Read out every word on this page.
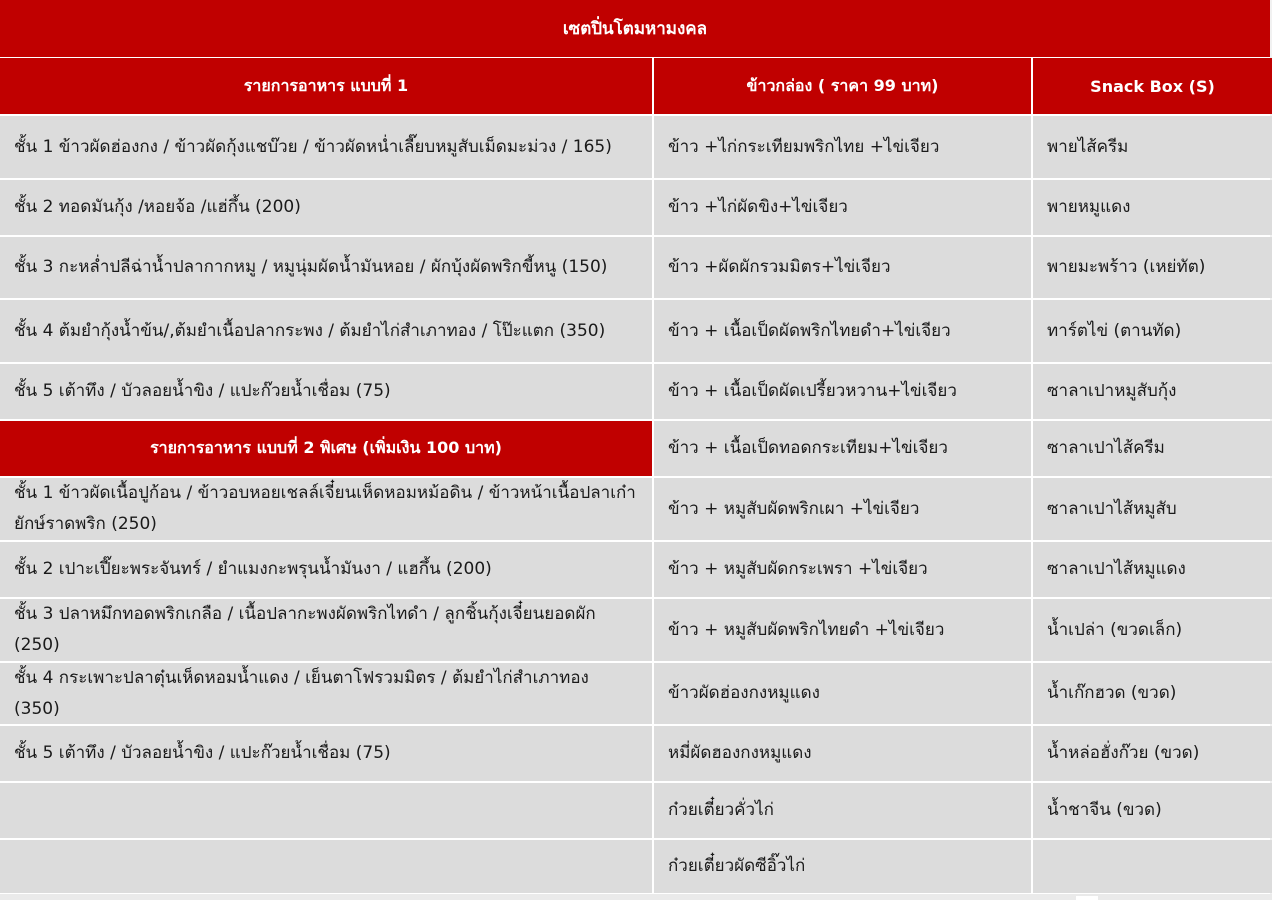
เซตปิ่นโตมหามงคล
รายการอาหาร แบบที่ 1	ข้าวกล่อง ( ราคา 99 บาท)	Snack Box (S)
ชั้น 1 ข้าวผัดฮ่องกง / ข้าวผัดกุ้งแชบ๊วย / ข้าวผัดหน่ำเลี๊ยบหมูสับเม็ดมะม่วง / 165)
ชั้น 2 ทอดมันกุ้ง /หอยจ้อ /แฮ่กึ้น (200)
ชั้น 3 กะหล่ำปลีฉ่าน้ำปลากากหมู / หมูนุ่มผัดน้ำมันหอย / ผักบุ้งผัดพริกขี้หนู (150)
ชั้น 4 ต้มยำกุ้งน้ำข้น/,ต้มยำเนื้อปลากระพง / ต้มยำไก่สำเภาทอง / โป๊ะแตก (350)
ชั้น 5 เต้าทึง / บัวลอยน้ำขิง / แปะก๊วยน้ำเชื่อม (75)
รายการอาหาร แบบที่ 2 พิเศษ (เพิ่มเงิน 100 บาท)
ชั้น 1 ข้าวผัดเนื้อปูก้อน / ข้าวอบหอยเชลล์เจี๋ยนเห็ดหอมหม้อดิน / ข้าวหน้าเนื้อปลาเก๋ายักษ์ราดพริก (250)
ชั้น 2 เปาะเปี๊ยะพระจันทร์ / ยำแมงกะพรุนน้ำมันงา / แฮกึ้น (200)
ชั้น 3 ปลาหมึกทอดพริกเกลือ / เนื้อปลากะพงผัดพริกไทดำ / ลูกชิ้นกุ้งเจี๋ยนยอดผัก (250)
ชั้น 4 กระเพาะปลาตุ๋นเห็ดหอมน้ำแดง / เย็นตาโฟรวมมิตร / ต้มยำไก่สำเภาทอง (350)
ชั้น 5 เต้าทึง / บัวลอยน้ำขิง / แปะก๊วยน้ำเชื่อม (75)
ข้าว +ไก่กระเทียมพริกไทย +ไข่เจียว
ข้าว +ไก่ผัดขิง+ไข่เจียว
ข้าว +ผัดผักรวมมิตร+ไข่เจียว
ข้าว + เนื้อเป็ดผัดพริกไทยดำ+ไข่เจียว
ข้าว + เนื้อเป็ดผัดเปรี้ยวหวาน+ไข่เจียว
ข้าว + เนื้อเป็ดทอดกระเทียม+ไข่เจียว
ข้าว + หมูสับผัดพริกเผา +ไข่เจียว
ข้าว + หมูสับผัดกระเพรา +ไข่เจียว
ข้าว + หมูสับผัดพริกไทยดำ +ไข่เจียว
ข้าวผัดฮ่องกงหมูแดง
หมี่ผัดฮองกงหมูแดง
ก๋วยเตี๋ยวคั่วไก่
ก๋วยเตี๋ยวผัดซีอิ๊วไก่
พายไส้ครีม
พายหมูแดง
พายมะพร้าว (เหย่ทัต)
ทาร์ตไข่ (ตานทัด)
ซาลาเปาหมูสับกุ้ง
ซาลาเปาไส้ครีม
ซาลาเปาไส้หมูสับ
ซาลาเปาไส้หมูแดง
น้ำเปล่า (ขวดเล็ก)
น้ำเก๊กฮวด (ขวด)
น้ำหล่อฮั่งก๊วย (ขวด)
น้ำชาจีน (ขวด)
